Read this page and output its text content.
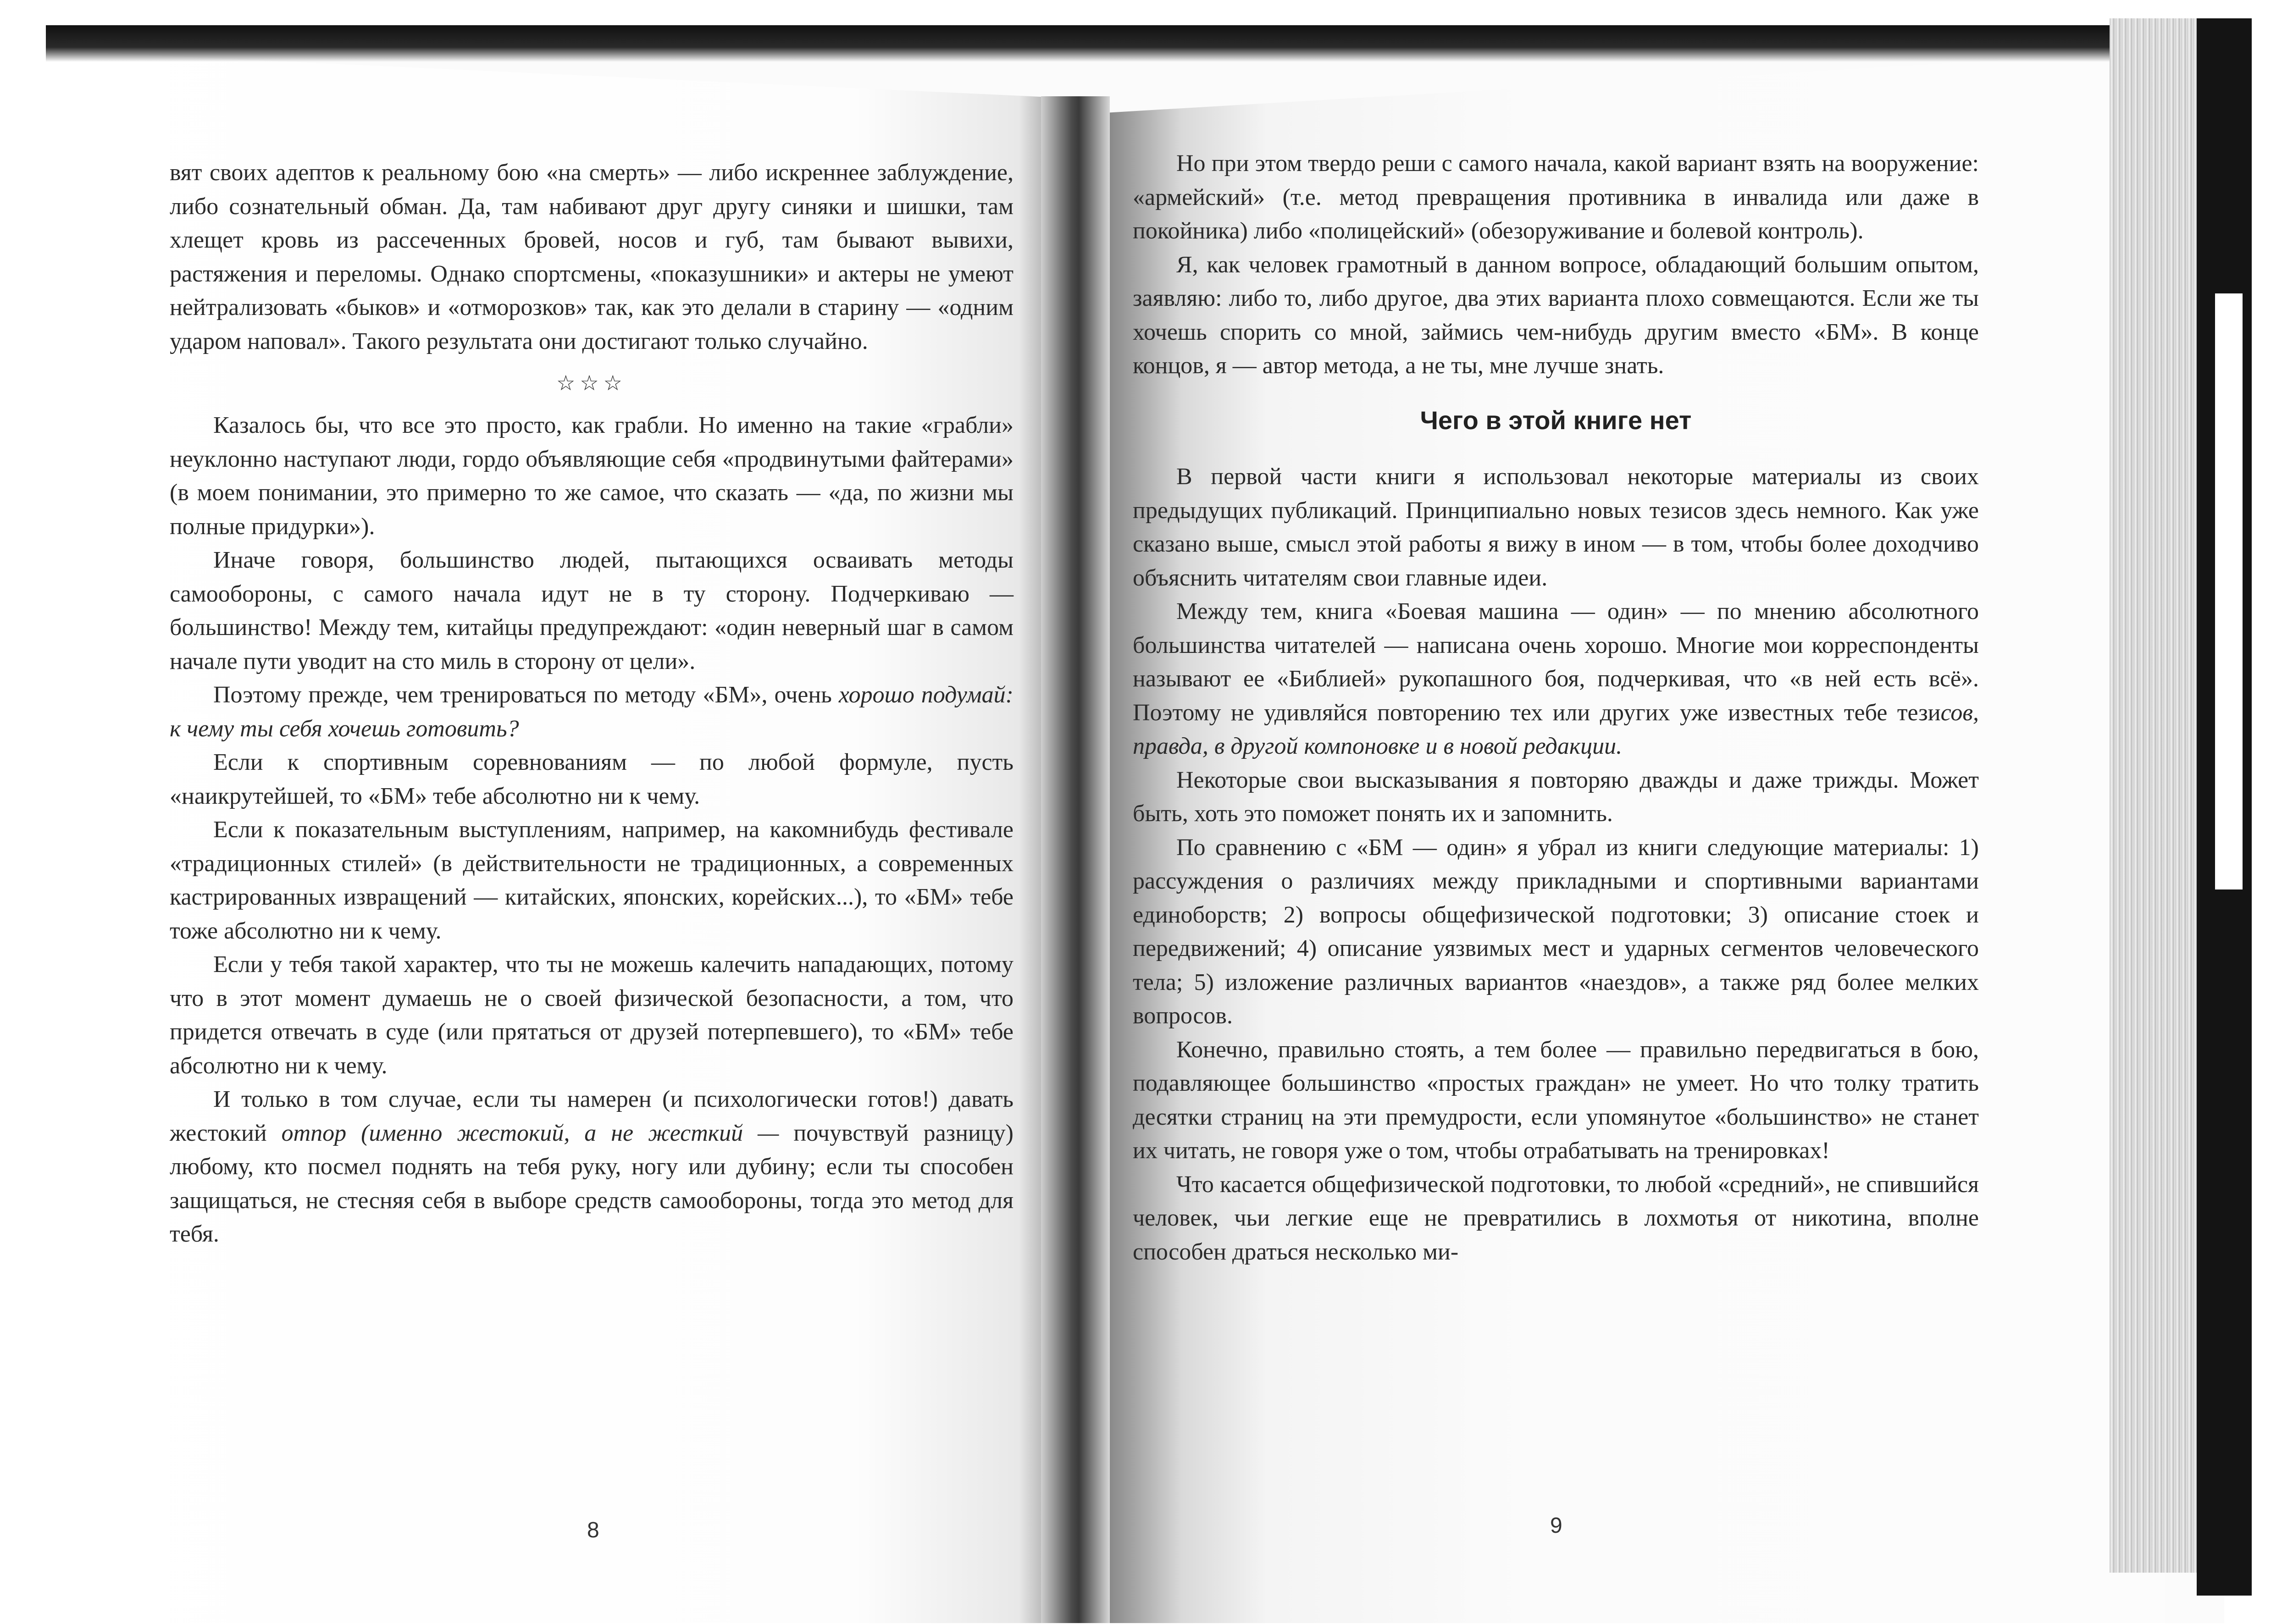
вят своих адептов к реальному бою «на смерть» — либо искреннее заблуждение, либо сознательный обман. Да, там набивают друг другу синяки и шишки, там хлещет кровь из рассеченных бровей, носов и губ, там бывают вывихи, растяжения и переломы. Однако спортсмены, «показушники» и актеры не умеют нейтрализовать «быков» и «отморозков» так, как это делали в старину — «одним ударом наповал». Такого результата они достигают только случайно.

☆☆☆

Казалось бы, что все это просто, как грабли. Но именно на такие «грабли» неуклонно наступают люди, гордо объявляющие себя «продвинутыми файтерами» (в моем понимании, это примерно то же самое, что сказать — «да, по жизни мы полные придурки»).

Иначе говоря, большинство людей, пытающихся осваивать методы самообороны, с самого начала идут не в ту сторону. Подчеркиваю — большинство! Между тем, китайцы предупреждают: «один неверный шаг в самом начале пути уводит на сто миль в сторону от цели».

Поэтому прежде, чем тренироваться по методу «БМ», очень хорошо подумай: к чему ты себя хочешь готовить?

Если к спортивным соревнованиям — по любой формуле, пусть «наикрутейшей, то «БМ» тебе абсолютно ни к чему.

Если к показательным выступлениям, например, на какомнибудь фестивале «традиционных стилей» (в действительности не традиционных, а современных кастрированных извращений — китайских, японских, корейских...), то «БМ» тебе тоже абсолютно ни к чему.

Если у тебя такой характер, что ты не можешь калечить нападающих, потому что в этот момент думаешь не о своей физической безопасности, а том, что придется отвечать в суде (или прятаться от друзей потерпевшего), то «БМ» тебе абсолютно ни к чему.

И только в том случае, если ты намерен (и психологически готов!) давать жестокий отпор (именно жестокий, а не жесткий — почувствуй разницу) любому, кто посмел поднять на тебя руку, ногу или дубину; если ты способен защищаться, не стесняя себя в выборе средств самообороны, тогда это метод для тебя.

8

Но при этом твердо реши с самого начала, какой вариант взять на вооружение: «армейский» (т.е. метод превращения противника в инвалида или даже в покойника) либо «полицейский» (обезоруживание и болевой контроль).

Я, как человек грамотный в данном вопросе, обладающий большим опытом, заявляю: либо то, либо другое, два этих варианта плохо совмещаются. Если же ты хочешь спорить со мной, займись чем-нибудь другим вместо «БМ». В конце концов, я — автор метода, а не ты, мне лучше знать.

Чего в этой книге нет

В первой части книги я использовал некоторые материалы из своих предыдущих публикаций. Принципиально новых тезисов здесь немного. Как уже сказано выше, смысл этой работы я вижу в ином — в том, чтобы более доходчиво объяснить читателям свои главные идеи.

Между тем, книга «Боевая машина — один» — по мнению абсолютного большинства читателей — написана очень хорошо. Многие мои корреспонденты называют ее «Библией» рукопашного боя, подчеркивая, что «в ней есть всё». Поэтому не удивляйся повторению тех или других уже известных тебе тезисов, правда, в другой компоновке и в новой редакции.

Некоторые свои высказывания я повторяю дважды и даже трижды. Может быть, хоть это поможет понять их и запомнить.

По сравнению с «БМ — один» я убрал из книги следующие материалы: 1) рассуждения о различиях между прикладными и спортивными вариантами единоборств; 2) вопросы общефизической подготовки; 3) описание стоек и передвижений; 4) описание уязвимых мест и ударных сегментов человеческого тела; 5) изложение различных вариантов «наездов», а также ряд более мелких вопросов.

Конечно, правильно стоять, а тем более — правильно передвигаться в бою, подавляющее большинство «простых граждан» не умеет. Но что толку тратить десятки страниц на эти премудрости, если упомянутое «большинство» не станет их читать, не говоря уже о том, чтобы отрабатывать на тренировках!

Что касается общефизической подготовки, то любой «средний», не спившийся человек, чьи легкие еще не превратились в лохмотья от никотина, вполне способен драться несколько ми-

9
